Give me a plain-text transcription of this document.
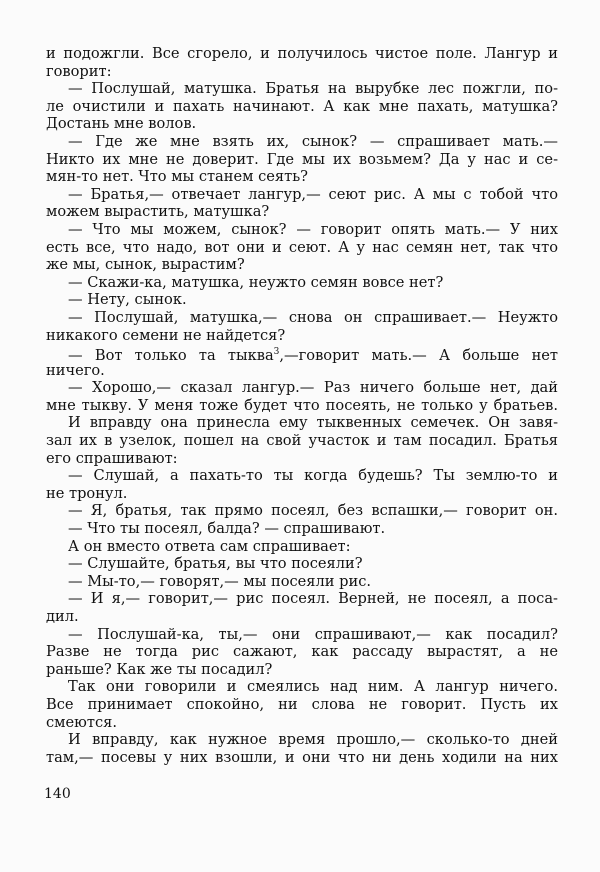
и подожгли. Все сгорело, и получилось чистое поле. Лангур и
говорит:
— Послушай, матушка. Братья на вырубке лес пожгли, по-
ле очистили и пахать начинают. А как мне пахать, матушка?
Достань мне волов.
— Где же мне взять их, сынок? — спрашивает мать.—
Никто их мне не доверит. Где мы их возьмем? Да у нас и се-
мян-то нет. Что мы станем сеять?
— Братья,— отвечает лангур,— сеют рис. А мы с тобой что
можем вырастить, матушка?
— Что мы можем, сынок? — говорит опять мать.— У них
есть все, что надо, вот они и сеют. А у нас семян нет, так что
же мы, сынок, вырастим?
— Скажи-ка, матушка, неужто семян вовсе нет?
— Нету, сынок.
— Послушай, матушка,— снова он спрашивает.— Неужто
никакого семени не найдется?
— Вот только та тыква$^3$,—говорит мать.— А больше нет
ничего.
— Хорошо,— сказал лангур.— Раз ничего больше нет, дай
мне тыкву. У меня тоже будет что посеять, не только у братьев.
И вправду она принесла ему тыквенных семечек. Он завя-
зал их в узелок, пошел на свой участок и там посадил. Братья
его спрашивают:
— Слушай, а пахать-то ты когда будешь? Ты землю-то и
не тронул.
— Я, братья, так прямо посеял, без вспашки,— говорит он.
— Что ты посеял, балда? — спрашивают.
А он вместо ответа сам спрашивает:
— Слушайте, братья, вы что посеяли?
— Мы-то,— говорят,— мы посеяли рис.
— И я,— говорит,— рис посеял. Верней, не посеял, а поса-
дил.
— Послушай-ка, ты,— они спрашивают,— как посадил?
Разве не тогда рис сажают, как рассаду вырастят, а не
раньше? Как же ты посадил?
Так они говорили и смеялись над ним. А лангур ничего.
Все принимает спокойно, ни слова не говорит. Пусть их
смеются.
И вправду, как нужное время прошло,— сколько-то дней
там,— посевы у них взошли, и они что ни день ходили на них
140
